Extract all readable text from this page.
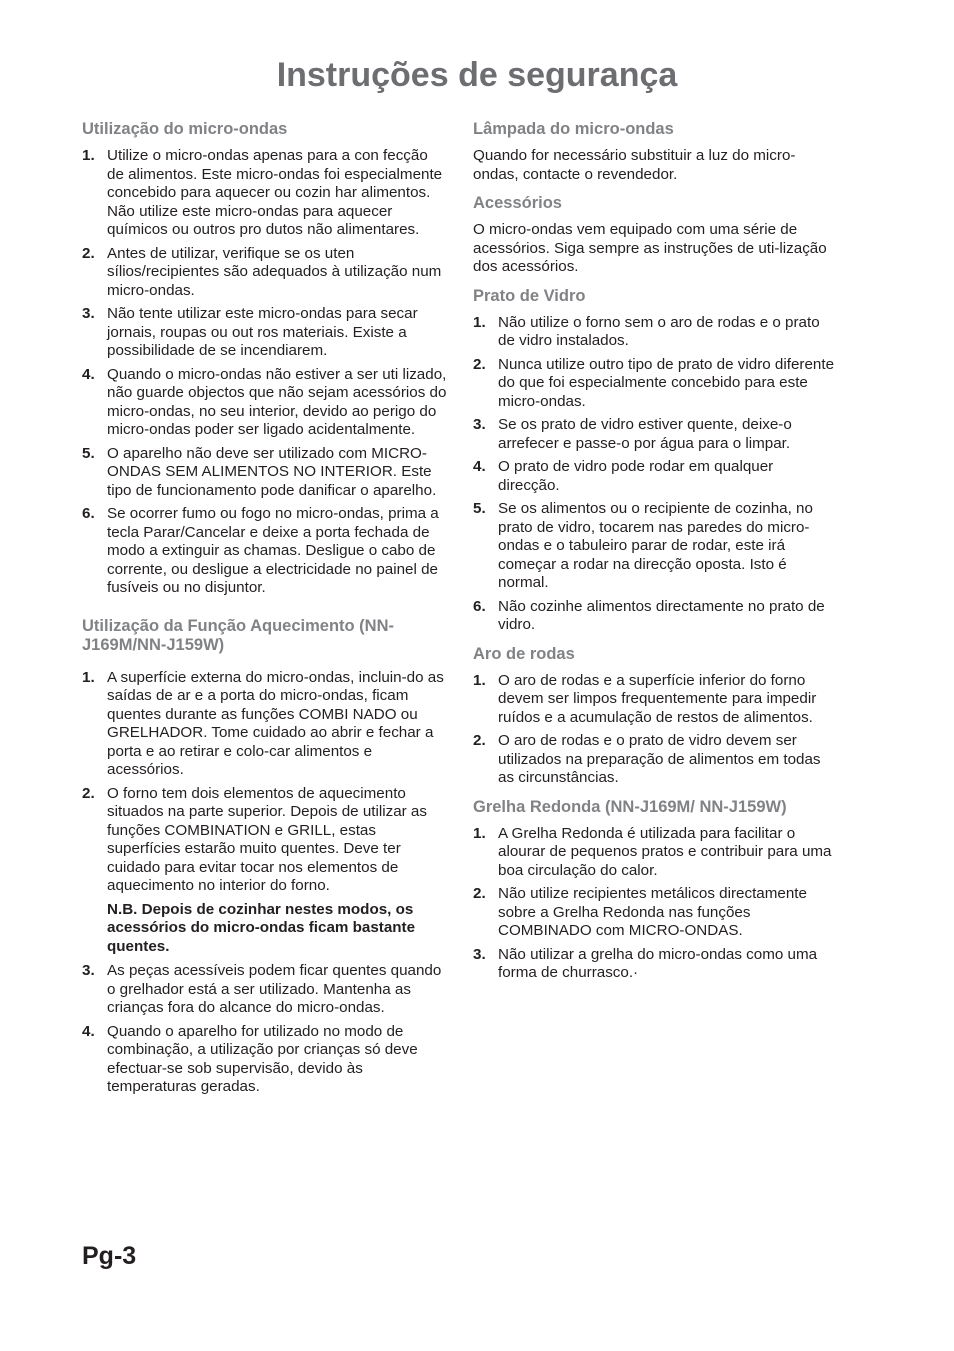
Instruções de segurança
Utilização do micro-ondas
1. Utilize o micro-ondas apenas para a con fecção de alimentos. Este micro-ondas foi especialmente concebido para aquecer ou cozin har alimentos. Não utilize este micro-ondas para aquecer químicos ou outros pro dutos não alimentares.
2. Antes de utilizar, verifique se os uten sílios/recipientes são adequados à utilização num micro-ondas.
3. Não tente utilizar este micro-ondas para secar jornais, roupas ou out ros materiais. Existe a possibilidade de se incendiarem.
4. Quando o micro-ondas não estiver a ser uti lizado, não guarde objectos que não sejam acessórios do micro-ondas, no seu interior, devido ao perigo do micro-ondas poder ser ligado acidentalmente.
5. O aparelho não deve ser utilizado com MICRO-ONDAS SEM ALIMENTOS NO INTERIOR. Este tipo de funcionamento pode danificar o aparelho.
6. Se ocorrer fumo ou fogo no micro-ondas, prima a tecla Parar/Cancelar e deixe a porta fechada de modo a extinguir as chamas. Desligue o cabo de corrente, ou desligue a electricidade no painel de fusíveis ou no disjuntor.
Utilização da Função Aquecimento (NN-J169M/NN-J159W)
1. A superfície externa do micro-ondas, incluin-do as saídas de ar e a porta do micro-ondas, ficam quentes durante as funções COMBI NADO ou GRELHADOR. Tome cuidado ao abrir e fechar a porta e ao retirar e colo-car alimentos e acessórios.
2. O forno tem dois elementos de aquecimento situados na parte superior. Depois de utilizar as funções COMBINATION e GRILL, estas superfícies estarão muito quentes. Deve ter cuidado para evitar tocar nos elementos de aquecimento no interior do forno.

N.B. Depois de cozinhar nestes modos, os acessórios do micro-ondas ficam bastante quentes.

3. As peças acessíveis podem ficar quentes quando o grelhador está a ser utilizado. Mantenha as crianças fora do alcance do micro-ondas.
4. Quando o aparelho for utilizado no modo de combinação, a utilização por crianças só deve efectuar-se sob supervisão, devido às temperaturas geradas.
Lâmpada do micro-ondas

Quando for necessário substituir a luz do micro-ondas, contacte o revendedor.

Acessórios

O micro-ondas vem equipado com uma série de acessórios. Siga sempre as instruções de uti-lização dos acessórios.

Prato de Vidro
1. Não utilize o forno sem o aro de rodas e o prato de vidro instalados.
2. Nunca utilize outro tipo de prato de vidro diferente do que foi especialmente concebido para este micro-ondas.
3. Se os prato de vidro estiver quente, deixe-o arrefecer e passe-o por água para o limpar.
4. O prato de vidro pode rodar em qualquer direcção.
5. Se os alimentos ou o recipiente de cozinha, no prato de vidro, tocarem nas paredes do micro-ondas e o tabuleiro parar de rodar, este irá começar a rodar na direcção oposta. Isto é normal.
6. Não cozinhe alimentos directamente no prato de vidro.
Aro de rodas
1. O aro de rodas e a superfície inferior do forno devem ser limpos frequentemente para impedir ruídos e a acumulação de restos de alimentos.
2. O aro de rodas e o prato de vidro devem ser utilizados na preparação de alimentos em todas as circunstâncias.
Grelha Redonda (NN-J169M/ NN-J159W)
1. A Grelha Redonda é utilizada para facilitar o alourar de pequenos pratos e contribuir para uma boa circulação do calor.
2. Não utilize recipientes metálicos directamente sobre a Grelha Redonda nas funções COMBINADO com MICRO-ONDAS.
3. Não utilizar a grelha do micro-ondas como uma forma de churrasco.·
Pg-3
